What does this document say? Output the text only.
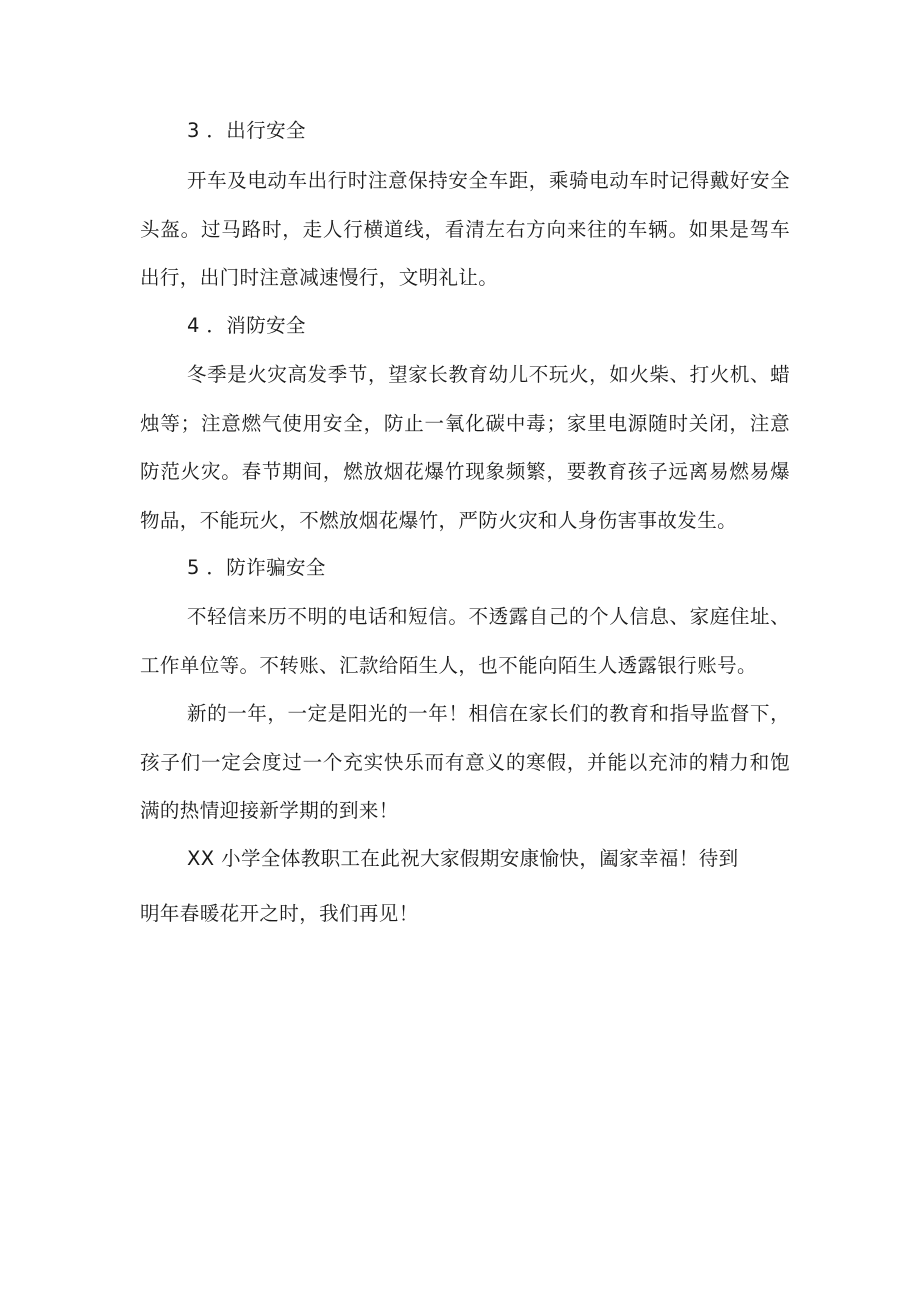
3 ．出行安全

开车及电动车出行时注意保持安全车距，乘骑电动车时记得戴好安全头盔。过马路时，走人行横道线，看清左右方向来往的车辆。如果是驾车出行，出门时注意减速慢行，文明礼让。

4 ．消防安全

冬季是火灾高发季节，望家长教育幼儿不玩火，如火柴、打火机、蜡烛等；注意燃气使用安全，防止一氧化碳中毒；家里电源随时关闭，注意防范火灾。春节期间，燃放烟花爆竹现象频繁，要教育孩子远离易燃易爆物品，不能玩火，不燃放烟花爆竹，严防火灾和人身伤害事故发生。

5 ．防诈骗安全

不轻信来历不明的电话和短信。不透露自己的个人信息、家庭住址、工作单位等。不转账、汇款给陌生人，也不能向陌生人透露银行账号。

新的一年，一定是阳光的一年！相信在家长们的教育和指导监督下，孩子们一定会度过一个充实快乐而有意义的寒假，并能以充沛的精力和饱满的热情迎接新学期的到来！

XX 小学全体教职工在此祝大家假期安康愉快，阖家幸福！待到

明年春暖花开之时，我们再见！
